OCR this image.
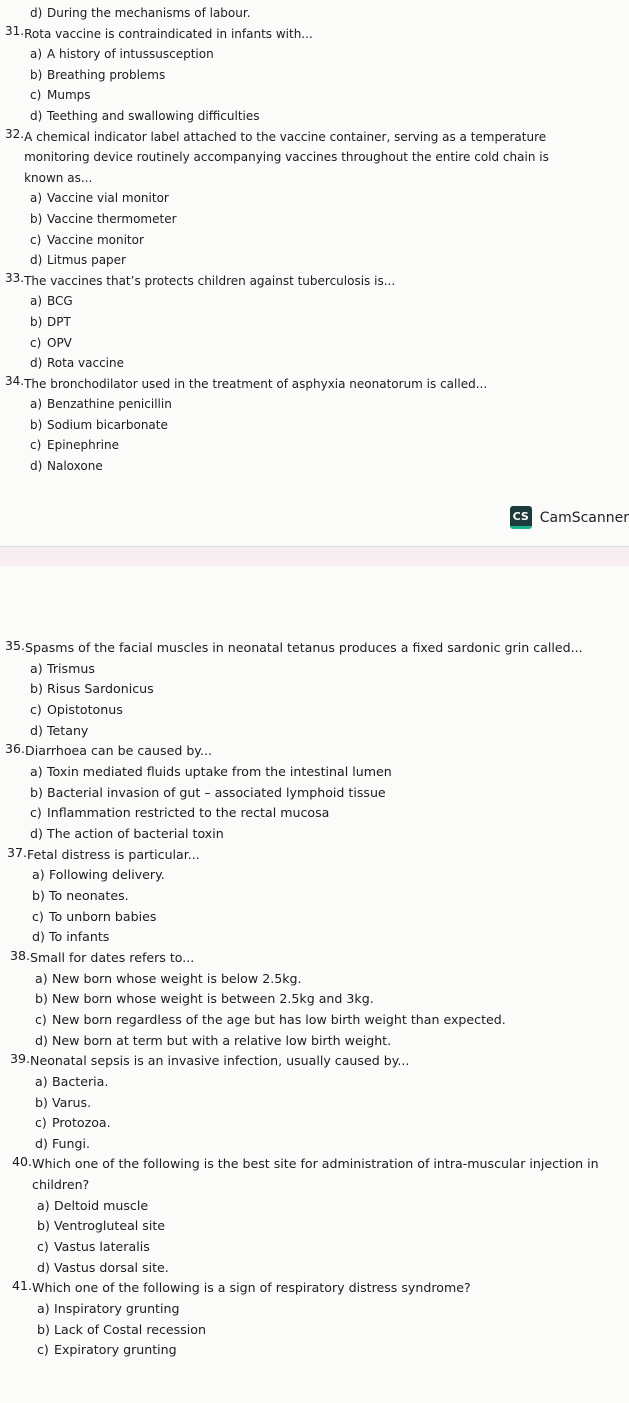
d) During the mechanisms of labour.
31. Rota vaccine is contraindicated in infants with...
a) A history of intussusception
b) Breathing problems
c) Mumps
d) Teething and swallowing difficulties
32. A chemical indicator label attached to the vaccine container, serving as a temperature monitoring device routinely accompanying vaccines throughout the entire cold chain is known as...
a) Vaccine vial monitor
b) Vaccine thermometer
c) Vaccine monitor
d) Litmus paper
33. The vaccines that’s protects children against tuberculosis is...
a) BCG
b) DPT
c) OPV
d) Rota vaccine
34. The bronchodilator used in the treatment of asphyxia neonatorum is called...
a) Benzathine penicillin
b) Sodium bicarbonate
c) Epinephrine
d) Naloxone
CS CamScanner
35. Spasms of the facial muscles in neonatal tetanus produces a fixed sardonic grin called...
a) Trismus
b) Risus Sardonicus
c) Opistotonus
d) Tetany
36. Diarrhoea can be caused by...
a) Toxin mediated fluids uptake from the intestinal lumen
b) Bacterial invasion of gut – associated lymphoid tissue
c) Inflammation restricted to the rectal mucosa
d) The action of bacterial toxin
37. Fetal distress is particular...
a) Following delivery.
b) To neonates.
c) To unborn babies
d) To infants
38. Small for dates refers to...
a) New born whose weight is below 2.5kg.
b) New born whose weight is between 2.5kg and 3kg.
c) New born regardless of the age but has low birth weight than expected.
d) New born at term but with a relative low birth weight.
39. Neonatal sepsis is an invasive infection, usually caused by...
a) Bacteria.
b) Varus.
c) Protozoa.
d) Fungi.
40. Which one of the following is the best site for administration of intra-muscular injection in children?
a) Deltoid muscle
b) Ventrogluteal site
c) Vastus lateralis
d) Vastus dorsal site.
41. Which one of the following is a sign of respiratory distress syndrome?
a) Inspiratory grunting
b) Lack of Costal recession
c) Expiratory grunting
